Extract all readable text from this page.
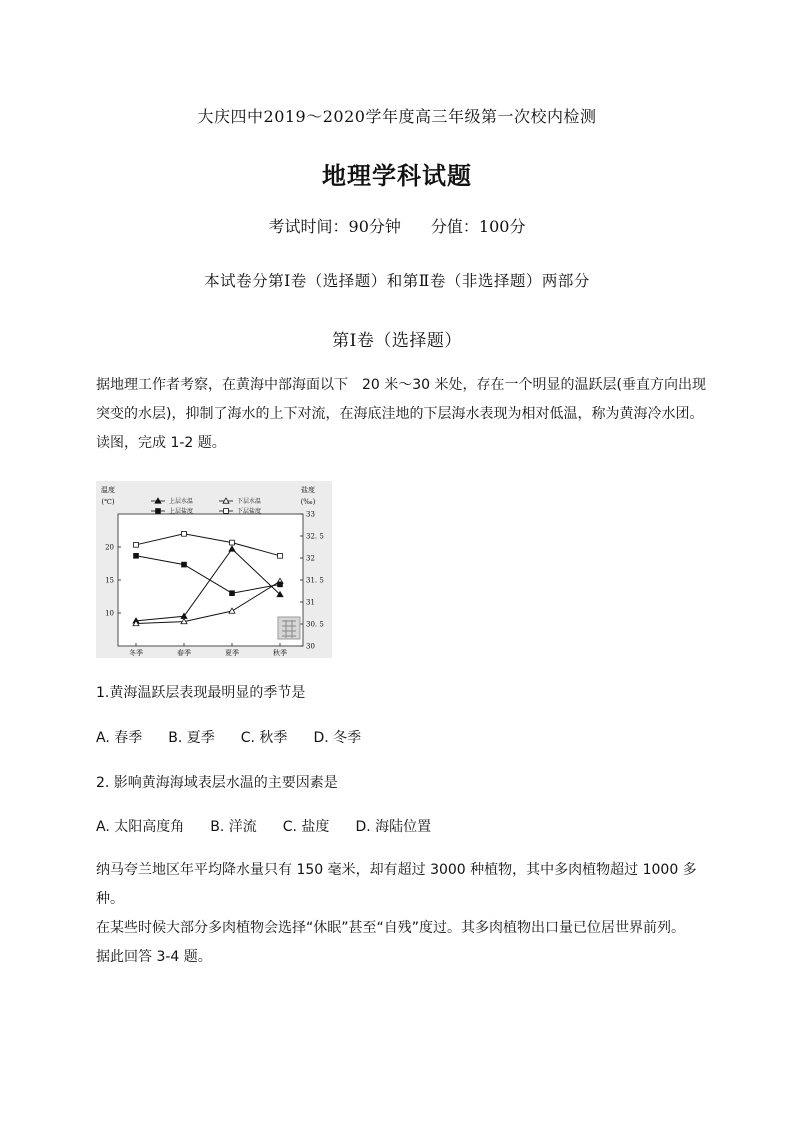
大庆四中2019～2020学年度高三年级第一次校内检测
地理学科试题
考试时间：90分钟 分值：100分
本试卷分第Ⅰ卷（选择题）和第Ⅱ卷（非选择题）两部分
第Ⅰ卷（选择题）
据地理工作者考察，在黄海中部海面以下　20 米～30 米处，存在一个明显的温跃层(垂直方向出现
突变的水层)，抑制了海水的上下对流，在海底洼地的下层海水表现为相对低温，称为黄海冷水团。
读图，完成 1-2 题。
温度
(℃)
盐度
(‰)
10
15
20
30
30. 5
31
31. 5
32
32. 5
33
冬季	春季	夏季	秋季
上层水温	下层水温
上层盐度	下层盐度
1.黄海温跃层表现最明显的季节是
A. 春季 B. 夏季 C. 秋季 D. 冬季
2. 影响黄海海域表层水温的主要因素是
A. 太阳高度角 B. 洋流 C. 盐度 D. 海陆位置
纳马夸兰地区年平均降水量只有 150 毫米，却有超过 3000 种植物，其中多肉植物超过 1000 多种。
在某些时候大部分多肉植物会选择“休眠”甚至“自残”度过。其多肉植物出口量已位居世界前列。
据此回答 3-4 题。
